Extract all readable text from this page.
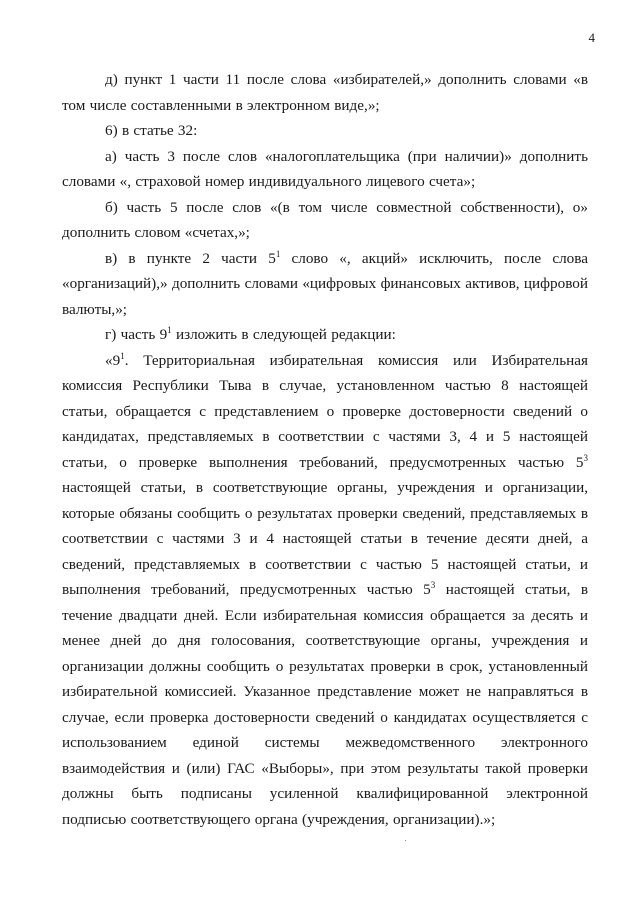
4

д) пункт 1 части 11 после слова «избирателей,» дополнить словами «в том числе составленными в электронном виде,»;

6) в статье 32:

а) часть 3 после слов «налогоплательщика (при наличии)» дополнить словами «, страховой номер индивидуального лицевого счета»;

б) часть 5 после слов «(в том числе совместной собственности), о» дополнить словом «счетах,»;

в) в пункте 2 части $5^1$ слово «, акций» исключить, после слова «организаций),» дополнить словами «цифровых финансовых активов, цифровой валюты,»;

г) часть $9^1$ изложить в следующей редакции:

«$9^1$. Территориальная избирательная комиссия или Избирательная комиссия Республики Тыва в случае, установленном частью 8 настоящей статьи, обращается с представлением о проверке достоверности сведений о кандидатах, представляемых в соответствии с частями 3, 4 и 5 настоящей статьи, о проверке выполнения требований, предусмотренных частью $5^3$ настоящей статьи, в соответствующие органы, учреждения и организации, которые обязаны сообщить о результатах проверки сведений, представляемых в соответствии с частями 3 и 4 настоящей статьи в течение десяти дней, а сведений, представляемых в соответствии с частью 5 настоящей статьи, и выполнения требований, предусмотренных частью $5^3$ настоящей статьи, в течение двадцати дней. Если избирательная комиссия обращается за десять и менее дней до дня голосования, соответствующие органы, учреждения и организации должны сообщить о результатах проверки в срок, установленный избирательной комиссией. Указанное представление может не направляться в случае, если проверка достоверности сведений о кандидатах осуществляется с использованием единой системы межведомственного электронного взаимодействия и (или) ГАС «Выборы», при этом результаты такой проверки должны быть подписаны усиленной квалифицированной электронной подписью соответствующего органа (учреждения, организации).»;
